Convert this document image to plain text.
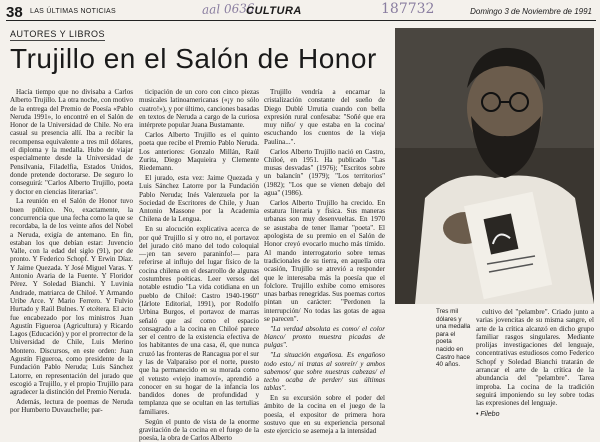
38 LAS ÚLTIMAS NOTICIAS	aal 0636
CULTURA	187732	Domingo 3 de Noviembre de 1991
AUTORES Y LIBROS
Trujillo en el Salón de Honor

Hacía tiempo que no divisaba a Carlos Alberto Trujillo. La otra noche, con motivo de la entrega del Premio de Poesía «Pablo Neruda 1991», lo encontré en el Salón de Honor de la Universidad de Chile. No era casual su presencia allí. Iba a recibir la recompensa equivalente a tres mil dólares, el diploma y la medalla. Hubo de viajar especialmente desde la Universidad de Pensilvania, Filadelfia, Estados Unidos, donde pretende doctorarse. De seguro lo conseguirá: "Carlos Alberto Trujillo, poeta y doctor en ciencias literarias".

La reunión en el Salón de Honor tuvo buen público. No, exactamente, la concurrencia que una fecha como la que se recordaba, la de los veinte años del Nobel a Neruda, exigía de antemano. En fin, estaban los que debían estar: Juvencio Valle, con la edad del siglo (91), por de pronto. Y Federico Schopf. Y Erwin Díaz. Y Jaime Quezada. Y José Miguel Varas. Y Antonio Avaria de la Fuente. Y Floridor Pérez. Y Soledad Bianchi. Y Luvinia Andrade, matriarca de Chiloé. Y Armando Uribe Arce. Y Mario Ferrero. Y Fulvio Hurtado y Raúl Bulnes. Y etcétera. El acto fue encabezado por los ministros Juan Agustín Figueroa (Agricultura) y Ricardo Lagos (Educación) y por el prorrector de la Universidad de Chile, Luis Merino Montero. Discursos, en este orden: Juan Agustín Figueroa, como presidente de la Fundación Pablo Neruda; Luis Sánchez Latorre, en representación del jurado que escogió a Trujillo, y el propio Trujillo para agradecer la distinción del Premio Neruda.

Además, lectura de poemas de Neruda por Humberto Duvauchelle; par-

ticipación de un coro con cinco piezas musicales latinoamericanas («¡y no sólo cuatro!»), y por último, canciones basadas en textos de Neruda a cargo de la curiosa intérprete popular Juana Bustamante.

Carlos Alberto Trujillo es el quinto poeta que recibe el Premio Pablo Neruda. Los anteriores: Gonzalo Millán, Raúl Zurita, Diego Maquieira y Clemente Riedemann.

El jurado, esta vez: Jaime Quezada y Luis Sánchez Latorre por la Fundación Pablo Neruda; Inés Valenzuela por la Sociedad de Escritores de Chile, y Juan Antonio Massone por la Academia Chilena de la Lengua.

En su alocución explicativa acerca de por qué Trujillo sí y otro no, el portavoz del jurado citó mano del todo coloquial —¡en tan severo paraninfo!— para referirse al influjo del lugar físico de la cocina chilena en el desarrollo de algunas costumbres poéticas. Leer versos del notable estudio "La vida cotidiana en un pueblo de Chiloé: Castro 1940-1960" (Iárlote Editorial, 1991), por Rodolfo Urbina Burgos, el portavoz de marras señaló que así como el espacio consagrado a la cocina en Chiloé parece ser el centro de la existencia efectiva de los habitantes de una casa, él, que nunca cruzó las fronteras de Rancagua por el sur y las de Valparaíso por el norte, puesto que ha permanecido en su morada como el vetusto «viejo inamoví», aprendió a conocer en su hogar de la infancia los bandidos dones de profundidad y templanza que se ocultan en las tertulias familiares.

Según el punto de vista de la enorme gravitación de la cocina en el fuego de la poesía, la obra de Carlos Alberto

Trujillo vendría a encarnar la cristalización constante del sueño de Diego Dublé Urrutia cuando con bella expresión rural confesaba: "Soñé que era muy niño/ y que estaba en la cocina/ escuchando los cuentos de la vieja Paulina...".

Carlos Alberto Trujillo nació en Castro, Chiloé, en 1951. Ha publicado "Las musas desvadas" (1976); "Escritos sobre un balancín" (1979); "Los territorios" (1982); "Los que se vienen debajo del agua" (1986).

Carlos Alberto Trujillo ha crecido. En estatura literaria y física. Sus maneras urbanas son muy desenvueltas. En 1970 se asustaba de tener llamar "poeta". El apologista de su premio en el Salón de Honor creyó evocarlo mucho más tímido. Al mando interrogatorio sobre temas tradicionales de su tierra, en aquella otra ocasión, Trujillo se atrevió a responder que le interesaba más la poesía que el folclore. Trujillo exhibe como emisores unas barbas renegridas. Sus poemas cortos pintan un carácter: "Perdonen la interrupción/ No todas las gotas de agua se parecen".

"La verdad absoluta es como/ el color blanco/ pronto muestra picadas de pulgas".

"La situación engañosa. Es engañoso todo esto,/ ni tratas al sonreír/ y ambos sabemos/ que sobre nuestras cabezas/ el techo ocaba de perder/ sus últimas tablas".

En su excursión sobre el poder del ámbito de la cocina en el juego de la poesía, el expositor de primera hora sostuvo que en su experiencia personal este ejercicio se asemeja a la intensidad

Tres mil dólares y una medalla para el poeta nacido en Castro hace 40 años.

cultivo del "pelambre". Criado junto a varias jovencitas de su misma sangre, el arte de la crítica alcanzó en dicho grupo familiar rasgos singulares. Mediante prolijas investigaciones del lenguaje, concentrativas estudiosos como Federico Schopf y Soledad Bianchi tratarán de arrancar el arte de la crítica de la abundancia del "pelambre". Tarea improba. La cocina de la tradición seguirá imponiendo su ley sobre todas las expresiones del lenguaje.

• Filebo
